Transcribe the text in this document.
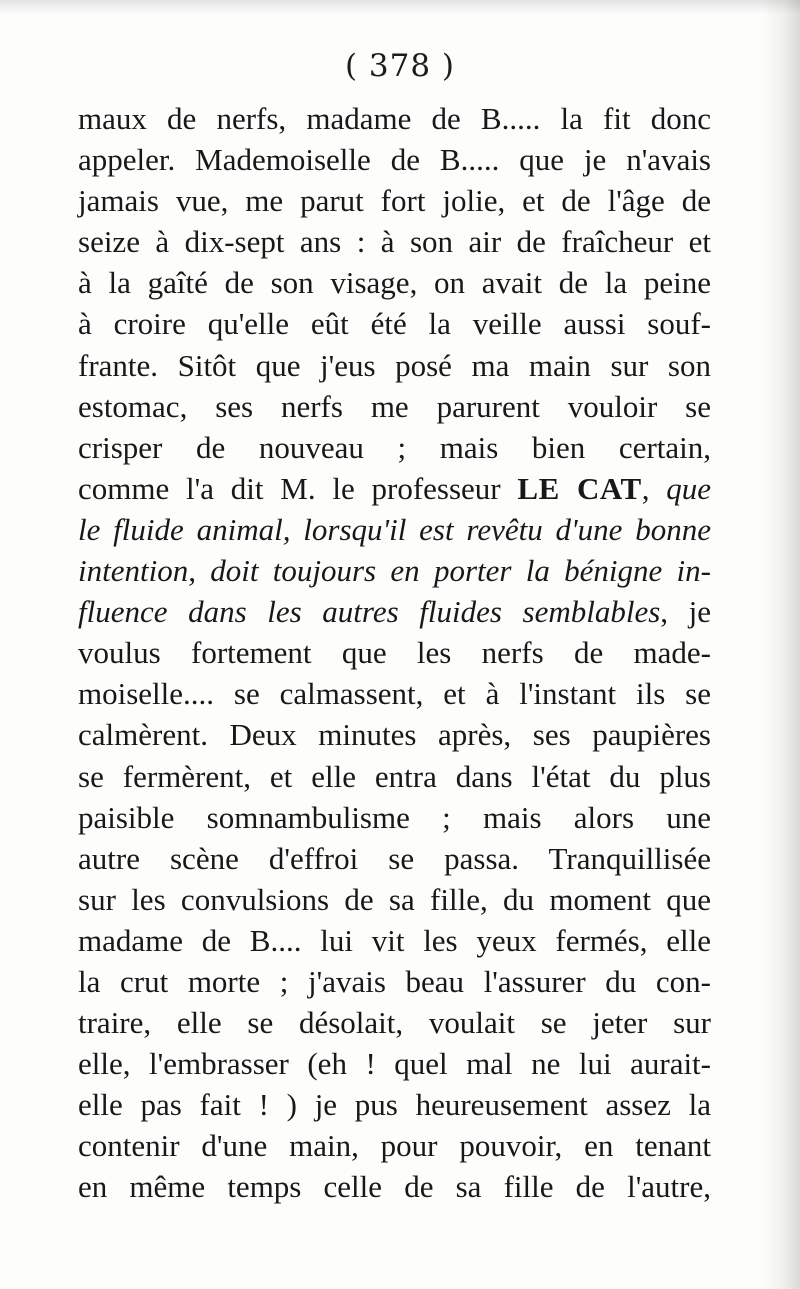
( 378 )
maux de nerfs, madame de B..... la fit donc
appeler. Mademoiselle de B..... que je n'avais
jamais vue, me parut fort jolie, et de l'âge de
seize à dix-sept ans : à son air de fraîcheur et
à la gaîté de son visage, on avait de la peine
à croire qu'elle eût été la veille aussi souf-
frante. Sitôt que j'eus posé ma main sur son
estomac, ses nerfs me parurent vouloir se
crisper de nouveau ; mais bien certain,
comme l'a dit M. le professeur LE CAT, que
le fluide animal, lorsqu'il est revêtu d'une bonne
intention, doit toujours en porter la bénigne in-
fluence dans les autres fluides semblables, je
voulus fortement que les nerfs de made-
moiselle.... se calmassent, et à l'instant ils se
calmèrent. Deux minutes après, ses paupières
se fermèrent, et elle entra dans l'état du plus
paisible somnambulisme ; mais alors une
autre scène d'effroi se passa. Tranquillisée
sur les convulsions de sa fille, du moment que
madame de B.... lui vit les yeux fermés, elle
la crut morte ; j'avais beau l'assurer du con-
traire, elle se désolait, voulait se jeter sur
elle, l'embrasser (eh ! quel mal ne lui aurait-
elle pas fait ! ) je pus heureusement assez la
contenir d'une main, pour pouvoir, en tenant
en même temps celle de sa fille de l'autre,
